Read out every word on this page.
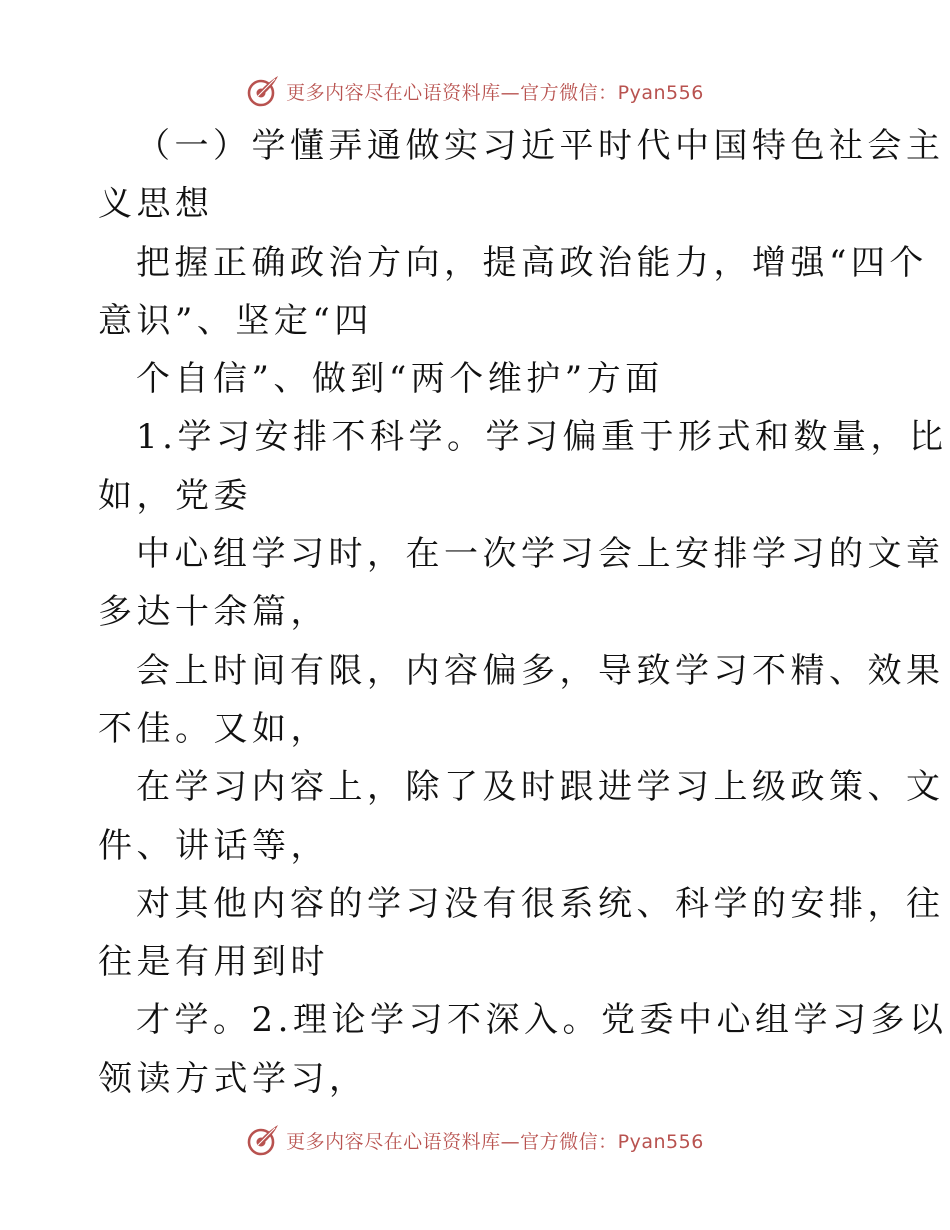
更多内容尽在心语资料库—官方微信：Pyan556
（一）学懂弄通做实习近平时代中国特色社会主
义思想
把握正确政治方向，提高政治能力，增强“四个
意识”、坚定“四
个自信”、做到“两个维护”方面
1.学习安排不科学。学习偏重于形式和数量，比
如，党委
中心组学习时，在一次学习会上安排学习的文章
多达十余篇，
会上时间有限，内容偏多，导致学习不精、效果
不佳。又如，
在学习内容上，除了及时跟进学习上级政策、文
件、讲话等，
对其他内容的学习没有很系统、科学的安排，往
往是有用到时
才学。2.理论学习不深入。党委中心组学习多以
领读方式学习，
更多内容尽在心语资料库—官方微信：Pyan556
